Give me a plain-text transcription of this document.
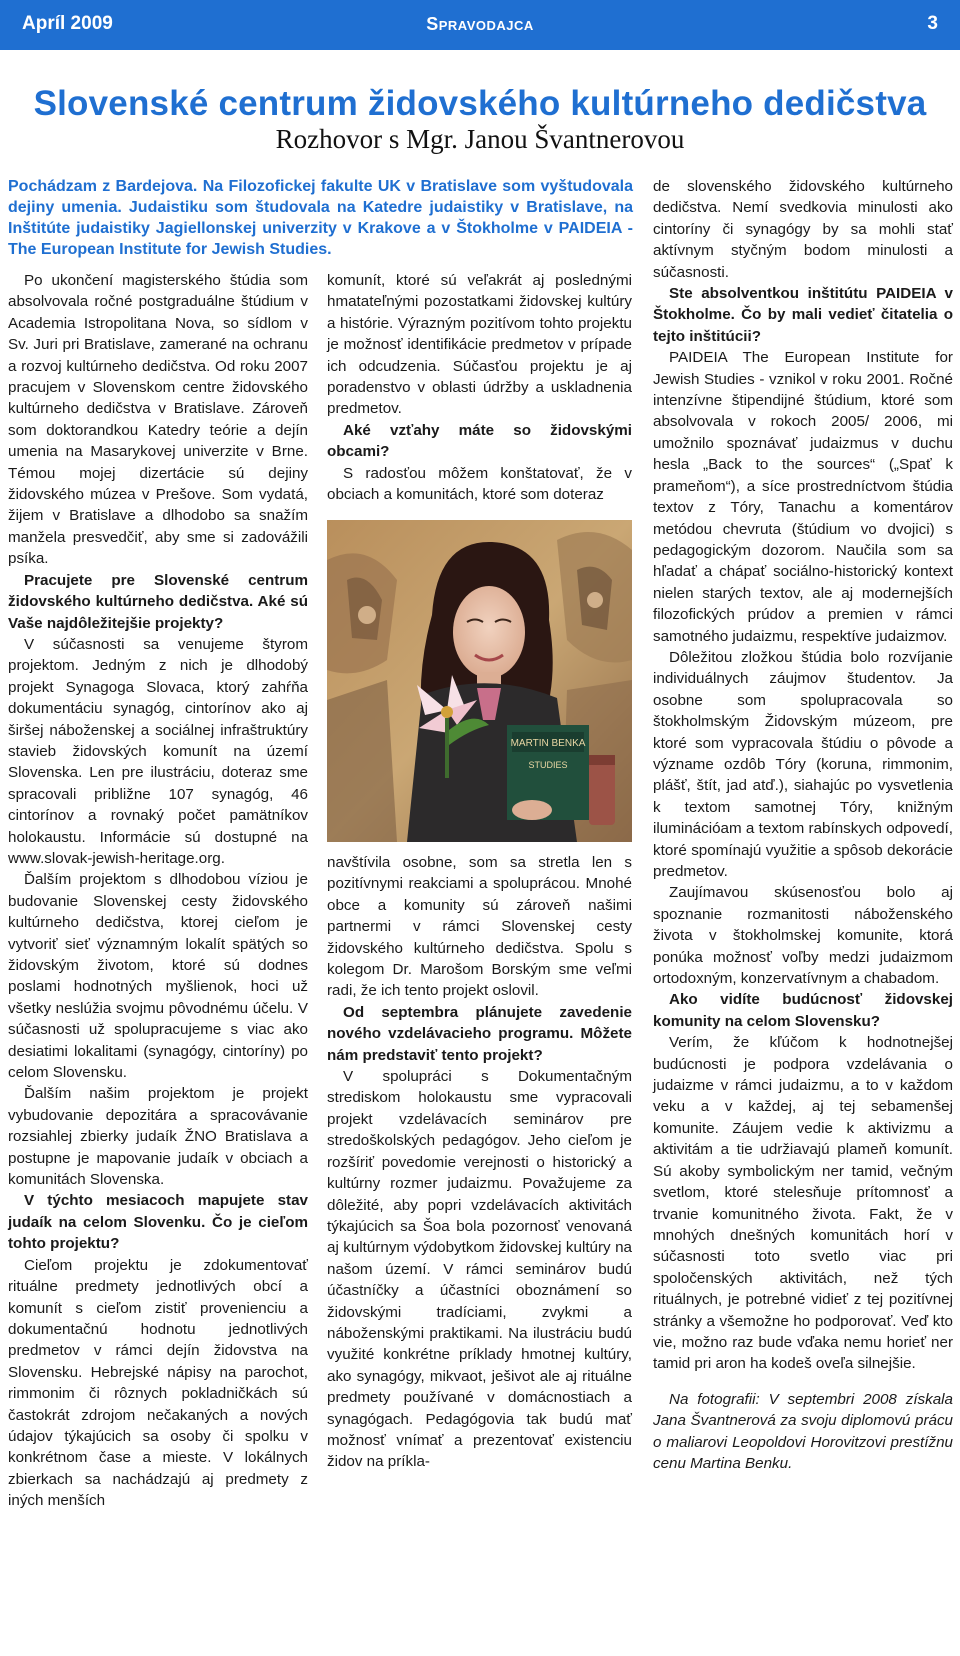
Apríl 2009	Spravodajca	3
Slovenské centrum židovského kultúrneho dedičstva
Rozhovor s Mgr. Janou Švantnerovou
Pochádzam z Bardejova. Na Filozofickej fakulte UK v Bratislave som vyštudovala dejiny umenia. Judaistiku som študovala na Katedre judaistiky v Bratislave, na Inštitúte judaistiky Jagiellonskej univerzity v Krakove a v Štokholme v PAIDEIA - The European Institute for Jewish Studies.

Po ukončení magisterského štúdia som absolvovala ročné postgraduálne štúdium v Academia Istropolitana Nova, so sídlom v Sv. Juri pri Bratislave, zamerané na ochranu a rozvoj kultúrneho dedičstva. Od roku 2007 pracujem v Slovenskom centre židovského kultúrneho dedičstva v Bratislave. Zároveň som doktorandkou Katedry teórie a dejín umenia na Masarykovej univerzite v Brne. Témou mojej dizertácie sú dejiny židovského múzea v Prešove. Som vydatá, žijem v Bratislave a dlhodobo sa snažím manžela presvedčiť, aby sme si zadovážili psíka.

Pracujete pre Slovenské centrum židovského kultúrneho dedičstva. Aké sú Vaše najdôležitejšie projekty?

V súčasnosti sa venujeme štyrom projektom. Jedným z nich je dlhodobý projekt Synagoga Slovaca, ktorý zahŕňa dokumentáciu synagóg, cintorínov ako aj širšej náboženskej a sociálnej infraštruktúry stavieb židovských komunít na území Slovenska. Len pre ilustráciu, doteraz sme spracovali približne 107 synagóg, 46 cintorínov a rovnaký počet pamätníkov holokaustu. Informácie sú dostupné na www.slovak-jewish-heritage.org.

Ďalším projektom s dlhodobou víziou je budovanie Slovenskej cesty židovského kultúrneho dedičstva, ktorej cieľom je vytvoriť sieť významným lokalít spätých so židovským životom, ktoré sú dodnes poslami hodnotných myšlienok, hoci už všetky neslúžia svojmu pôvodnému účelu. V súčasnosti už spolupracujeme s viac ako desiatimi lokalitami (synagógy, cintoríny) po celom Slovensku.

Ďalším našim projektom je projekt vybudovanie depozitára a spracovávanie rozsiahlej zbierky judaík ŽNO Bratislava a postupne je mapovanie judaík v obciach a komunitách Slovenska.

V týchto mesiacoch mapujete stav judaík na celom Slovenku. Čo je cieľom tohto projektu?

Cieľom projektu je zdokumentovať rituálne predmety jednotlivých obcí a komunít s cieľom zistiť provenienciu a dokumentačnú hodnotu jednotlivých predmetov v rámci dejín židovstva na Slovensku. Hebrejské nápisy na parochot, rimmonim či rôznych pokladničkách sú častokrát zdrojom nečakaných a nových údajov týkajúcich sa osoby či spolku v konkrétnom čase a mieste. V lokálnych zbierkach sa nachádzajú aj predmety z iných menších

komunít, ktoré sú veľakrát aj poslednými hmatateľnými pozostatkami židovskej kultúry a histórie. Výrazným pozitívom tohto projektu je možnosť identifikácie predmetov v prípade ich odcudzenia. Súčasťou projektu je aj poradenstvo v oblasti údržby a uskladnenia predmetov.

Aké vzťahy máte so židovskými obcami?

S radosťou môžem konštatovať, že v obciach a komunitách, ktoré som doteraz

MARTIN BENKA
STUDIES

navštívila osobne, som sa stretla len s pozitívnymi reakciami a spoluprácou. Mnohé obce a komunity sú zároveň našimi partnermi v rámci Slovenskej cesty židovského kultúrneho dedičstva. Spolu s kolegom Dr. Marošom Borským sme veľmi radi, že ich tento projekt oslovil.

Od septembra plánujete zavedenie nového vzdelávacieho programu. Môžete nám predstaviť tento projekt?

V spolupráci s Dokumentačným strediskom holokaustu sme vypracovali projekt vzdelávacích seminárov pre stredoškolských pedagógov. Jeho cieľom je rozšíriť povedomie verejnosti o historický a kultúrny rozmer judaizmu. Považujeme za dôležité, aby popri vzdelávacích aktivitách týkajúcich sa Šoa bola pozornosť venovaná aj kultúrnym výdobytkom židovskej kultúry na našom území. V rámci seminárov budú účastníčky a účastníci oboznámení so židovskými tradíciami, zvykmi a náboženskými praktikami. Na ilustráciu budú využité konkrétne príklady hmotnej kultúry, ako synagógy, mikvaot, ješivot ale aj rituálne predmety používané v domácnostiach a synagógach. Pedagógovia tak budú mať možnosť vnímať a prezentovať existenciu židov na príkla-

de slovenského židovského kultúrneho dedičstva. Nemí svedkovia minulosti ako cintoríny či synagógy by sa mohli stať aktívnym styčným bodom minulosti a súčasnosti.

Ste absolventkou inštitútu PAIDEIA v Štokholme. Čo by mali vedieť čitatelia o tejto inštitúcii?

PAIDEIA The European Institute for Jewish Studies - vznikol v roku 2001. Ročné intenzívne štipendijné štúdium, ktoré som absolvovala v rokoch 2005/ 2006, mi umožnilo spoznávať judaizmus v duchu hesla „Back to the sources“ („Spať k prameňom“), a síce prostredníctvom štúdia textov z Tóry, Tanachu a komentárov metódou chevruta (štúdium vo dvojici) s pedagogickým dozorom. Naučila som sa hľadať a chápať sociálno-historický kontext nielen starých textov, ale aj modernejších filozofických prúdov a premien v rámci samotného judaizmu, respektíve judaizmov.

Dôležitou zložkou štúdia bolo rozvíjanie individuálnych záujmov študentov. Ja osobne som spolupracovala so štokholmským Židovským múzeom, pre ktoré som vypracovala štúdiu o pôvode a význame ozdôb Tóry (koruna, rimmonim, plášť, štít, jad atď.), siahajúc po vysvetlenia k textom samotnej Tóry, knižným iluminációam a textom rabínskych odpovedí, ktoré spomínajú využitie a spôsob dekorácie predmetov.

Zaujímavou skúsenosťou bolo aj spoznanie rozmanitosti náboženského života v štokholmskej komunite, ktorá ponúka možnosť voľby medzi judaizmom ortodoxným, konzervatívnym a chabadom.

Ako vidíte budúcnosť židovskej komunity na celom Slovensku?

Verím, že kľúčom k hodnotnejšej budúcnosti je podpora vzdelávania o judaizme v rámci judaizmu, a to v každom veku a v každej, aj tej sebamenšej komunite. Záujem vedie k aktivizmu a aktivitám a tie udržiavajú plameň komunít. Sú akoby symbolickým ner tamid, večným svetlom, ktoré stelesňuje prítomnosť a trvanie komunitného života. Fakt, že v mnohých dnešných komunitách horí v súčasnosti toto svetlo viac pri spoločenských aktivitách, než tých rituálnych, je potrebné vidieť z tej pozitívnej stránky a všemožne ho podporovať. Veď kto vie, možno raz bude vďaka nemu horieť ner tamid pri aron ha kodeš oveľa silnejšie.

Na fotografii: V septembri 2008 získala Jana Švantnerová za svoju diplomovú prácu o maliarovi Leopoldovi Horovitzovi prestížnu cenu Martina Benku.
